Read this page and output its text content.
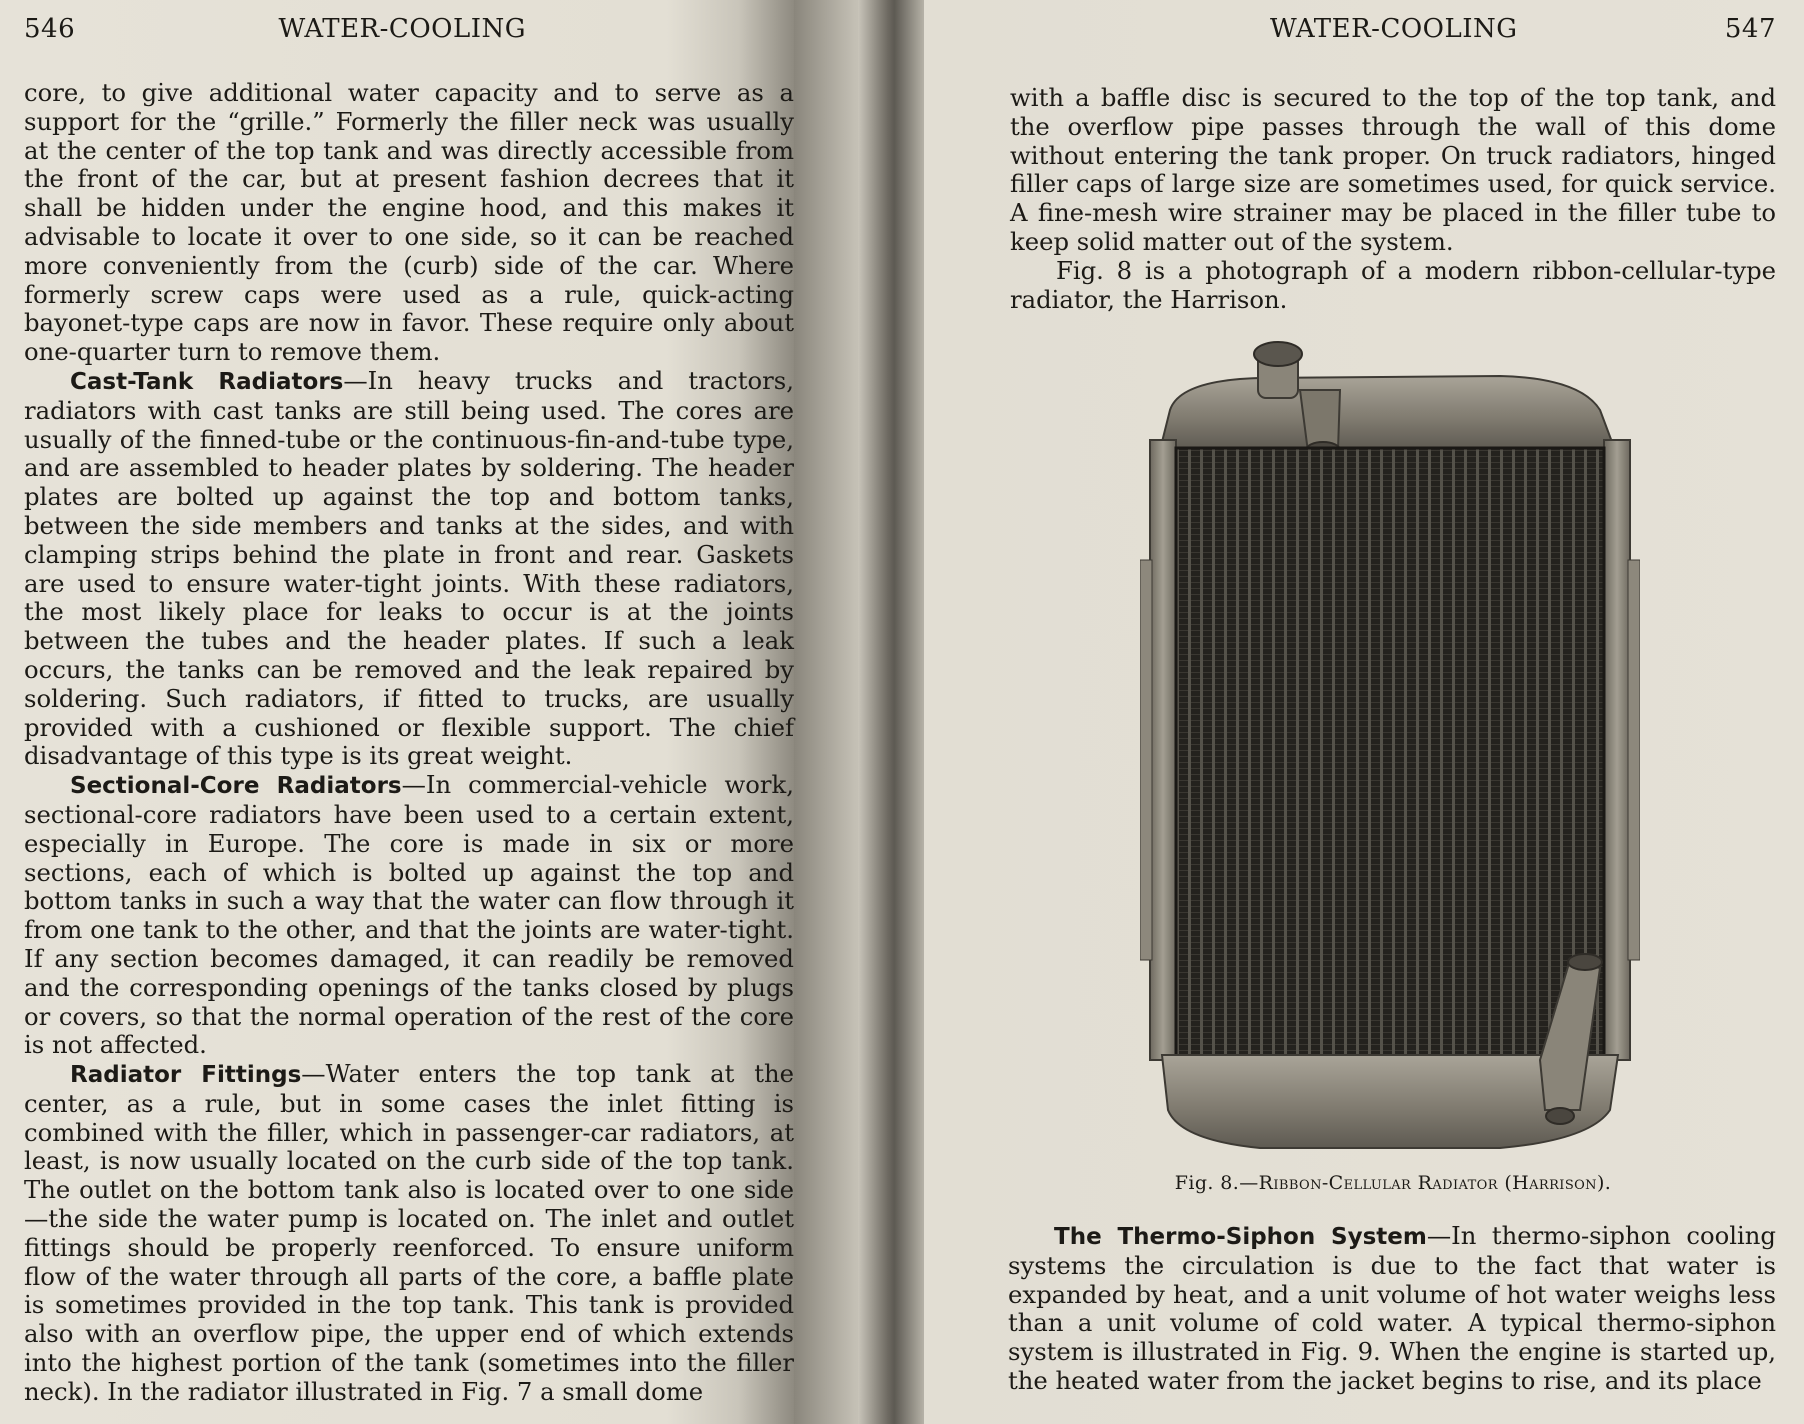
546	WATER-COOLING

core, to give additional water capacity and to serve as a support for the “grille.” Formerly the filler neck was usually at the center of the top tank and was directly accessible from the front of the car, but at present fashion decrees that it shall be hidden under the engine hood, and this makes it advisable to locate it over to one side, so it can be reached more conveniently from the (curb) side of the car. Where formerly screw caps were used as a rule, quick-acting bayonet-type caps are now in favor. These require only about one-quarter turn to remove them.

Cast-Tank Radiators—In heavy trucks and tractors, radiators with cast tanks are still being used. The cores are usually of the finned-tube or the continuous-fin-and-tube type, and are assembled to header plates by soldering. The header plates are bolted up against the top and bottom tanks, between the side members and tanks at the sides, and with clamping strips behind the plate in front and rear. Gaskets are used to ensure water-tight joints. With these radiators, the most likely place for leaks to occur is at the joints between the tubes and the header plates. If such a leak occurs, the tanks can be removed and the leak repaired by soldering. Such radiators, if fitted to trucks, are usually provided with a cushioned or flexible support. The chief disadvantage of this type is its great weight.

Sectional-Core Radiators—In commercial-vehicle work, sectional-core radiators have been used to a certain extent, especially in Europe. The core is made in six or more sections, each of which is bolted up against the top and bottom tanks in such a way that the water can flow through it from one tank to the other, and that the joints are water-tight. If any section becomes damaged, it can readily be removed and the corresponding openings of the tanks closed by plugs or covers, so that the normal operation of the rest of the core is not affected.

Radiator Fittings—Water enters the top tank at the center, as a rule, but in some cases the inlet fitting is combined with the filler, which in passenger-car radiators, at least, is now usually located on the curb side of the top tank. The outlet on the bottom tank also is located over to one side—the side the water pump is located on. The inlet and outlet fittings should be properly reenforced. To ensure uniform flow of the water through all parts of the core, a baffle plate is sometimes provided in the top tank. This tank is provided also with an overflow pipe, the upper end of which extends into the highest portion of the tank (sometimes into the filler neck). In the radiator illustrated in Fig. 7 a small dome

WATER-COOLING	547

with a baffle disc is secured to the top of the top tank, and the overflow pipe passes through the wall of this dome without entering the tank proper. On truck radiators, hinged filler caps of large size are sometimes used, for quick service. A fine-mesh wire strainer may be placed in the filler tube to keep solid matter out of the system.

Fig. 8 is a photograph of a modern ribbon-cellular-type radiator, the Harrison.

Fig. 8.—Ribbon-Cellular Radiator (Harrison).

The Thermo-Siphon System—In thermo-siphon cooling systems the circulation is due to the fact that water is expanded by heat, and a unit volume of hot water weighs less than a unit volume of cold water. A typical thermo-siphon system is illustrated in Fig. 9. When the engine is started up, the heated water from the jacket begins to rise, and its place
